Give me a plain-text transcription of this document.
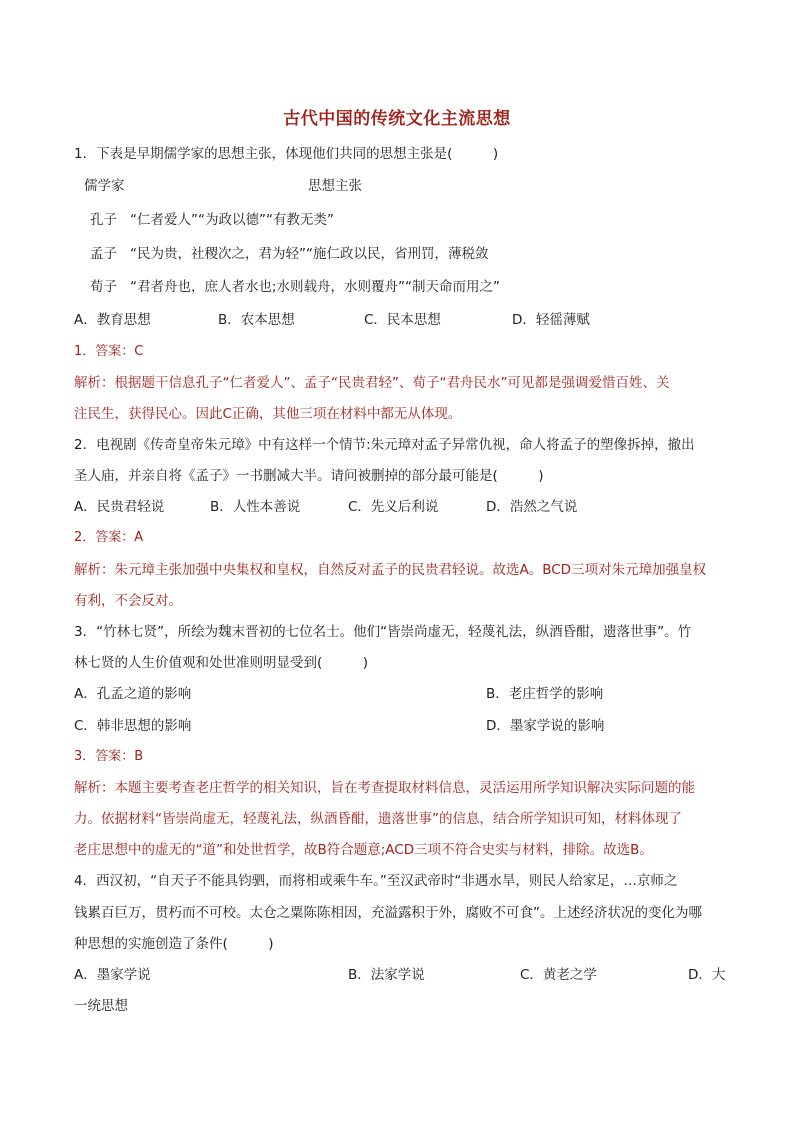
古代中国的传统文化主流思想
1．下表是早期儒学家的思想主张，体现他们共同的思想主张是(　　　)
儒学家	思想主张
孔子 “仁者爱人”“为政以德”“有教无类”
孟子 “民为贵，社稷次之，君为轻”“施仁政以民，省刑罚，薄税敛
荀子 “君者舟也，庶人者水也;水则载舟，水则覆舟”“制天命而用之”
A．教育思想	B．农本思想	C．民本思想	D．轻徭薄赋
1．答案：C
解析：根据题干信息孔子“仁者爱人”、孟子“民贵君轻”、荀子“君舟民水”可见都是强调爱惜百姓、关
注民生，获得民心。因此C正确，其他三项在材料中都无从体现。
2．电视剧《传奇皇帝朱元璋》中有这样一个情节:朱元璋对孟子异常仇视，命人将孟子的塑像拆掉，撤出
圣人庙，并亲自将《孟子》一书删减大半。请问被删掉的部分最可能是(　　　)
A．民贵君轻说	B．人性本善说	C．先义后利说	D．浩然之气说
2．答案：A
解析：朱元璋主张加强中央集权和皇权，自然反对孟子的民贵君轻说。故选A。BCD三项对朱元璋加强皇权
有利，不会反对。
3．“竹林七贤”，所绘为魏末晋初的七位名士。他们“皆崇尚虚无，轻蔑礼法，纵酒昏酣，遗落世事”。竹
林七贤的人生价值观和处世准则明显受到(　　　)
A．孔孟之道的影响	B．老庄哲学的影响
C．韩非思想的影响	D．墨家学说的影响
3．答案：B
解析：本题主要考查老庄哲学的相关知识，旨在考查提取材料信息，灵活运用所学知识解决实际问题的能
力。依据材料“皆崇尚虚无，轻蔑礼法，纵酒昏酣，遗落世事”的信息，结合所学知识可知，材料体现了
老庄思想中的虚无的“道”和处世哲学，故B符合题意;ACD三项不符合史实与材料，排除。故选B。
4．西汉初，“自天子不能具钧驷，而将相或乘牛车。”至汉武帝时“非遇水旱，则民人给家足，…京师之
钱累百巨万，贯朽而不可校。太仓之粟陈陈相因，充溢露积于外，腐败不可食”。上述经济状况的变化为哪
种思想的实施创造了条件(　　　)
A．墨家学说	B．法家学说	C．黄老之学	D．大
一统思想
